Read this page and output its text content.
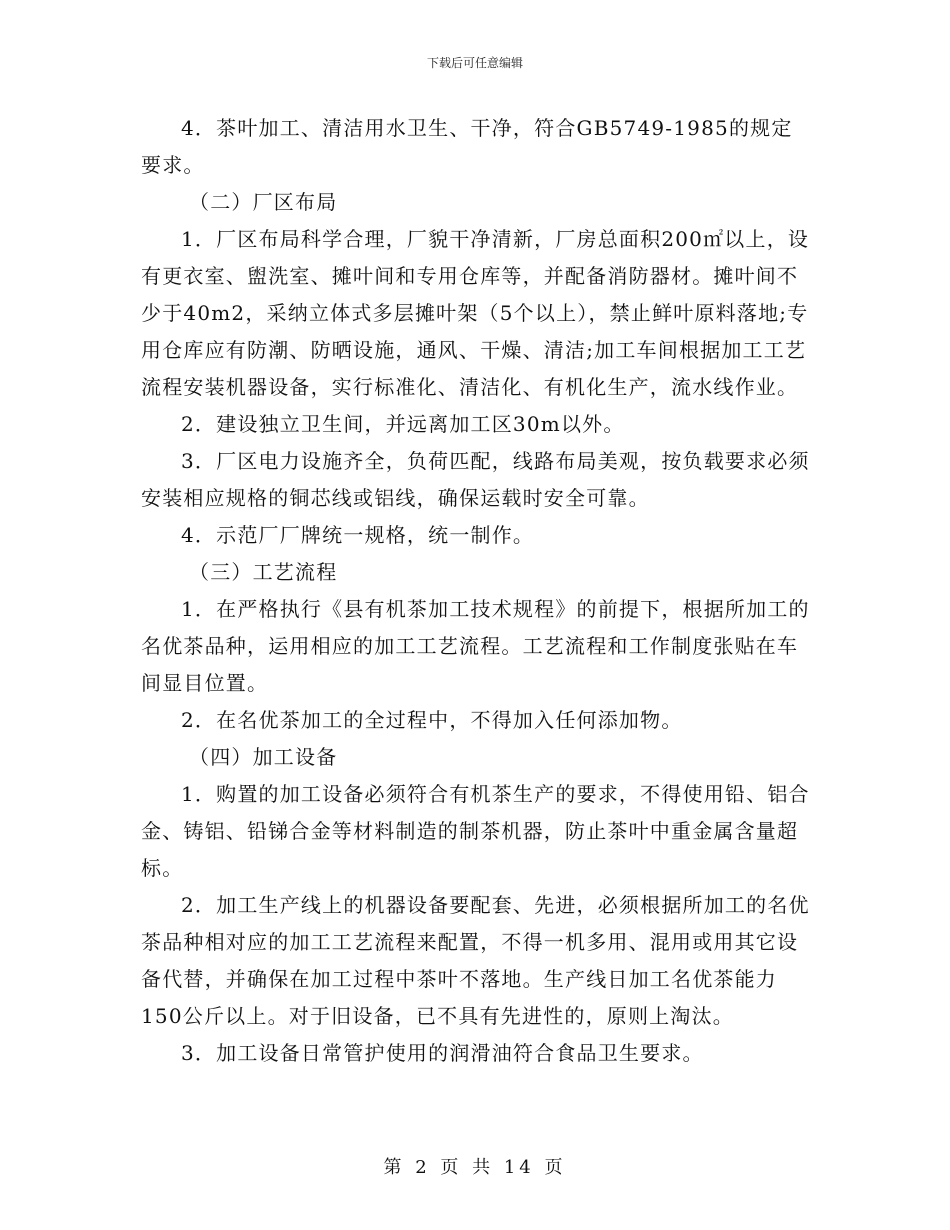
下载后可任意编辑

4．茶叶加工、清洁用水卫生、干净，符合GB5749-1985的规定要求。

（二）厂区布局

1．厂区布局科学合理，厂貌干净清新，厂房总面积200㎡以上，设有更衣室、盥洗室、摊叶间和专用仓库等，并配备消防器材。摊叶间不少于40m2，采纳立体式多层摊叶架（5个以上），禁止鲜叶原料落地;专用仓库应有防潮、防晒设施，通风、干燥、清洁;加工车间根据加工工艺流程安装机器设备，实行标准化、清洁化、有机化生产，流水线作业。

2．建设独立卫生间，并远离加工区30m以外。

3．厂区电力设施齐全，负荷匹配，线路布局美观，按负载要求必须安装相应规格的铜芯线或铝线，确保运载时安全可靠。

4．示范厂厂牌统一规格，统一制作。

（三）工艺流程

1．在严格执行《县有机茶加工技术规程》的前提下，根据所加工的名优茶品种，运用相应的加工工艺流程。工艺流程和工作制度张贴在车间显目位置。

2．在名优茶加工的全过程中，不得加入任何添加物。

（四）加工设备

1．购置的加工设备必须符合有机茶生产的要求，不得使用铅、铝合金、铸铝、铅锑合金等材料制造的制茶机器，防止茶叶中重金属含量超标。

2．加工生产线上的机器设备要配套、先进，必须根据所加工的名优茶品种相对应的加工工艺流程来配置，不得一机多用、混用或用其它设备代替，并确保在加工过程中茶叶不落地。生产线日加工名优茶能力150公斤以上。对于旧设备，已不具有先进性的，原则上淘汰。

3．加工设备日常管护使用的润滑油符合食品卫生要求。

第 2 页 共 14 页
